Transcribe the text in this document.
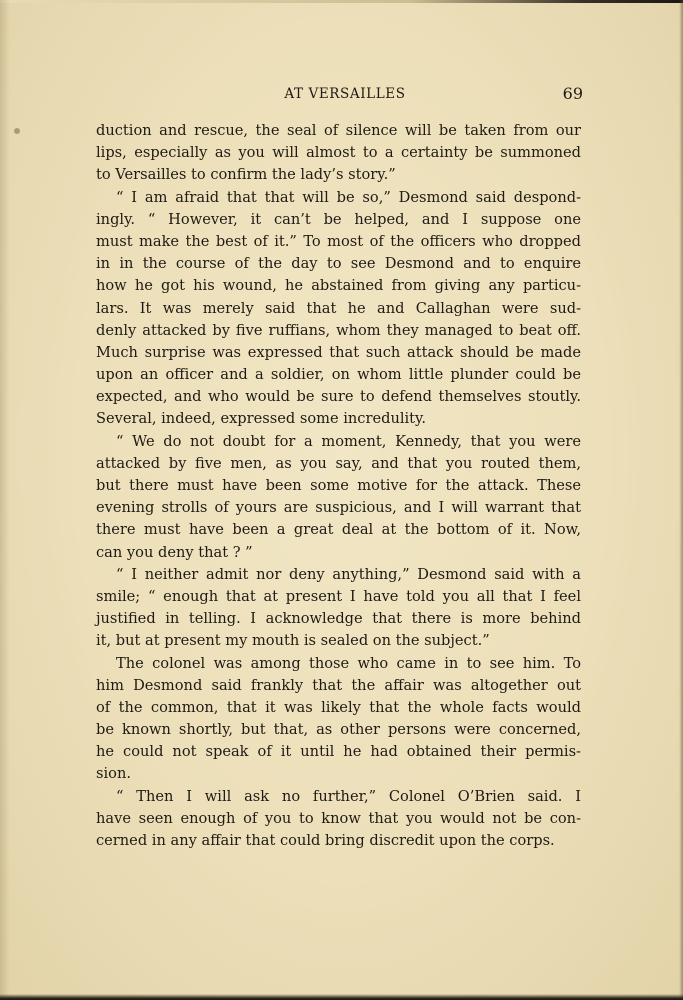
AT VERSAILLES	69
duction and rescue, the seal of silence will be taken from our
lips, especially as you will almost to a certainty be summoned
to Versailles to confirm the lady’s story.”
“ I am afraid that that will be so,” Desmond said despond-
ingly. “ However, it can’t be helped, and I suppose one
must make the best of it.” To most of the officers who dropped
in in the course of the day to see Desmond and to enquire
how he got his wound, he abstained from giving any particu-
lars. It was merely said that he and Callaghan were sud-
denly attacked by five ruffians, whom they managed to beat off.
Much surprise was expressed that such attack should be made
upon an officer and a soldier, on whom little plunder could be
expected, and who would be sure to defend themselves stoutly.
Several, indeed, expressed some incredulity.
“ We do not doubt for a moment, Kennedy, that you were
attacked by five men, as you say, and that you routed them,
but there must have been some motive for the attack. These
evening strolls of yours are suspicious, and I will warrant that
there must have been a great deal at the bottom of it. Now,
can you deny that ? ”
“ I neither admit nor deny anything,” Desmond said with a
smile; “ enough that at present I have told you all that I feel
justified in telling. I acknowledge that there is more behind
it, but at present my mouth is sealed on the subject.”
The colonel was among those who came in to see him. To
him Desmond said frankly that the affair was altogether out
of the common, that it was likely that the whole facts would
be known shortly, but that, as other persons were concerned,
he could not speak of it until he had obtained their permis-
sion.
“ Then I will ask no further,” Colonel O’Brien said. I
have seen enough of you to know that you would not be con-
cerned in any affair that could bring discredit upon the corps.
